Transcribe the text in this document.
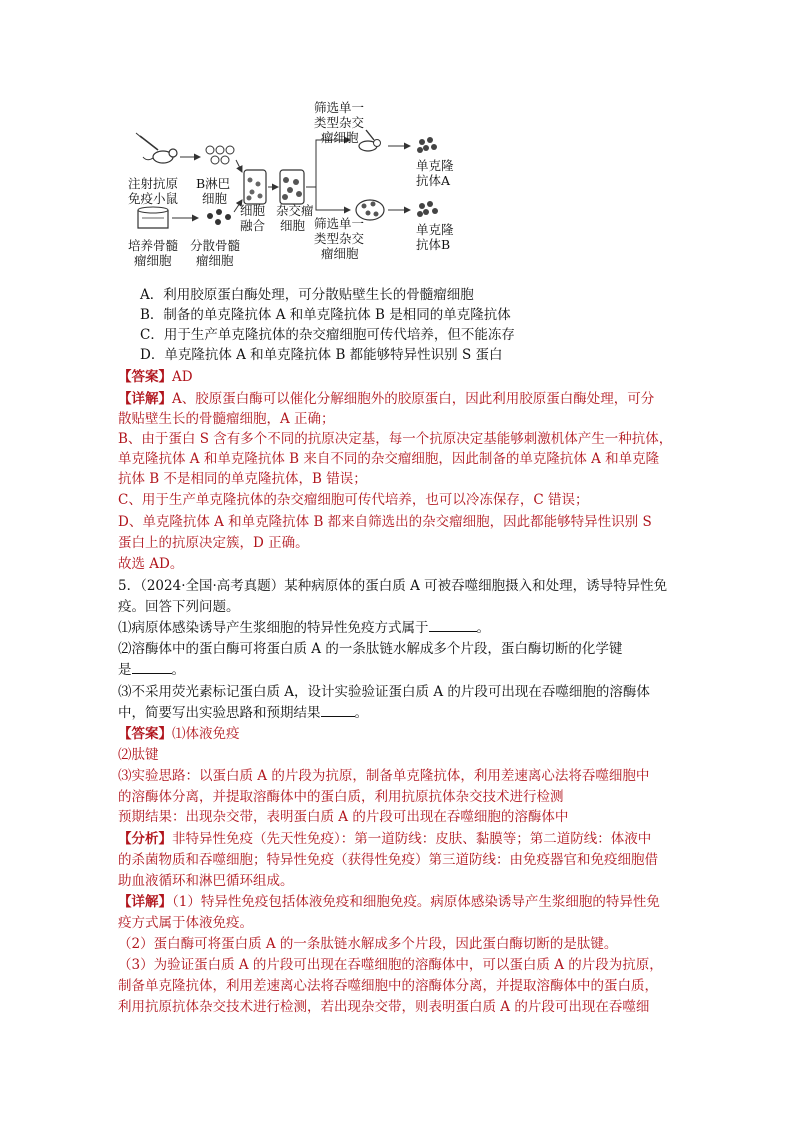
注射抗原 免疫小鼠
B淋巴 细胞
细胞 融合
杂交瘤 细胞
筛选单一 类型杂交 瘤细胞
筛选单一 类型杂交 瘤细胞
单克隆 抗体A
单克隆 抗体B
培养骨髓 瘤细胞
分散骨髓 瘤细胞
A．利用胶原蛋白酶处理，可分散贴壁生长的骨髓瘤细胞
B．制备的单克隆抗体 A 和单克隆抗体 B 是相同的单克隆抗体
C．用于生产单克隆抗体的杂交瘤细胞可传代培养，但不能冻存
D．单克隆抗体 A 和单克隆抗体 B 都能够特异性识别 S 蛋白
【答案】AD
【详解】A、胶原蛋白酶可以催化分解细胞外的胶原蛋白，因此利用胶原蛋白酶处理，可分
散贴壁生长的骨髓瘤细胞，A 正确；
B、由于蛋白 S 含有多个不同的抗原决定基，每一个抗原决定基能够刺激机体产生一种抗体，
单克隆抗体 A 和单克隆抗体 B 来自不同的杂交瘤细胞，因此制备的单克隆抗体 A 和单克隆
抗体 B 不是相同的单克隆抗体，B 错误；
C、用于生产单克隆抗体的杂交瘤细胞可传代培养，也可以冷冻保存，C 错误；
D、单克隆抗体 A 和单克隆抗体 B 都来自筛选出的杂交瘤细胞，因此都能够特异性识别 S
蛋白上的抗原决定簇，D 正确。
故选 AD。
5．（2024·全国·高考真题）某种病原体的蛋白质 A 可被吞噬细胞摄入和处理，诱导特异性免
疫。回答下列问题。
⑴病原体感染诱导产生浆细胞的特异性免疫方式属于	。
⑵溶酶体中的蛋白酶可将蛋白质 A 的一条肽链水解成多个片段，蛋白酶切断的化学键
是	。
⑶不采用荧光素标记蛋白质 A，设计实验验证蛋白质 A 的片段可出现在吞噬细胞的溶酶体
中，简要写出实验思路和预期结果	。
【答案】⑴体液免疫
⑵肽键
⑶实验思路：以蛋白质 A 的片段为抗原，制备单克隆抗体，利用差速离心法将吞噬细胞中
的溶酶体分离，并提取溶酶体中的蛋白质，利用抗原抗体杂交技术进行检测
预期结果：出现杂交带，表明蛋白质 A 的片段可出现在吞噬细胞的溶酶体中
【分析】非特异性免疫（先天性免疫）：第一道防线：皮肤、黏膜等；第二道防线：体液中
的杀菌物质和吞噬细胞；特异性免疫（获得性免疫）第三道防线：由免疫器官和免疫细胞借
助血液循环和淋巴循环组成。
【详解】（1）特异性免疫包括体液免疫和细胞免疫。病原体感染诱导产生浆细胞的特异性免
疫方式属于体液免疫。
（2）蛋白酶可将蛋白质 A 的一条肽链水解成多个片段，因此蛋白酶切断的是肽键。
（3）为验证蛋白质 A 的片段可出现在吞噬细胞的溶酶体中，可以蛋白质 A 的片段为抗原，
制备单克隆抗体，利用差速离心法将吞噬细胞中的溶酶体分离，并提取溶酶体中的蛋白质，
利用抗原抗体杂交技术进行检测，若出现杂交带，则表明蛋白质 A 的片段可出现在吞噬细
